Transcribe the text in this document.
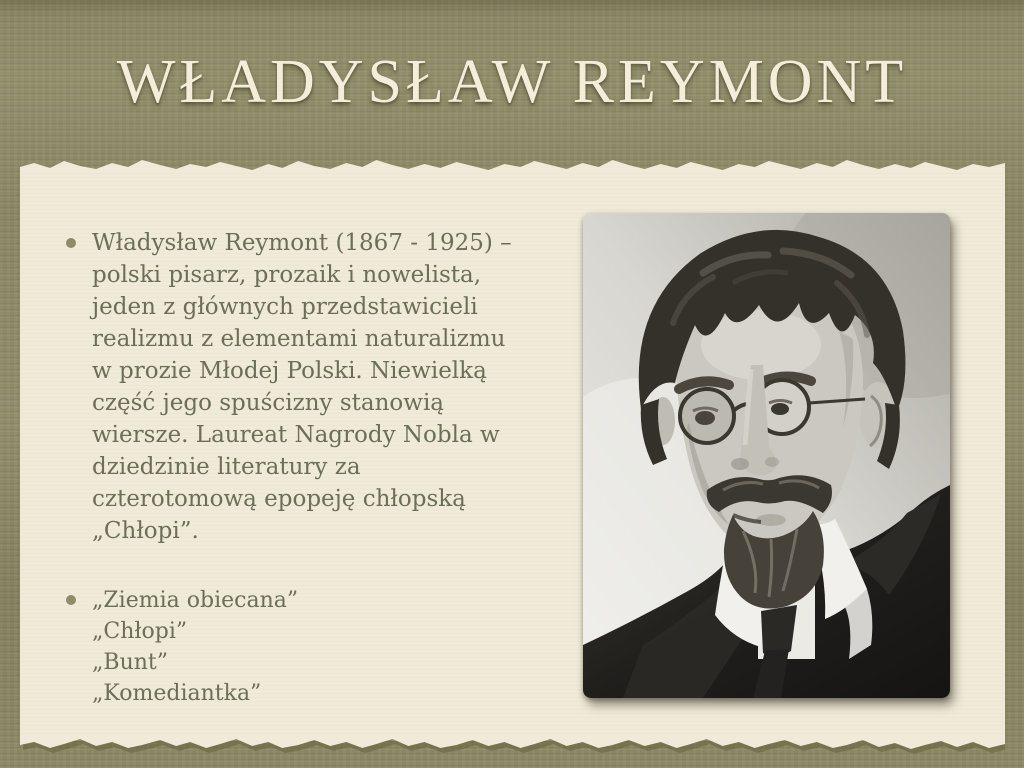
WŁADYSŁAW REYMONT
Władysław Reymont (1867 - 1925) –
polski pisarz, prozaik i nowelista,
jeden z głównych przedstawicieli
realizmu z elementami naturalizmu
w prozie Młodej Polski. Niewielką
część jego spuścizny stanowią
wiersze. Laureat Nagrody Nobla w
dziedzinie literatury za
czterotomową epopeję chłopską
„Chłopi”.
„Ziemia obiecana”
„Chłopi”
„Bunt”
„Komediantka”
